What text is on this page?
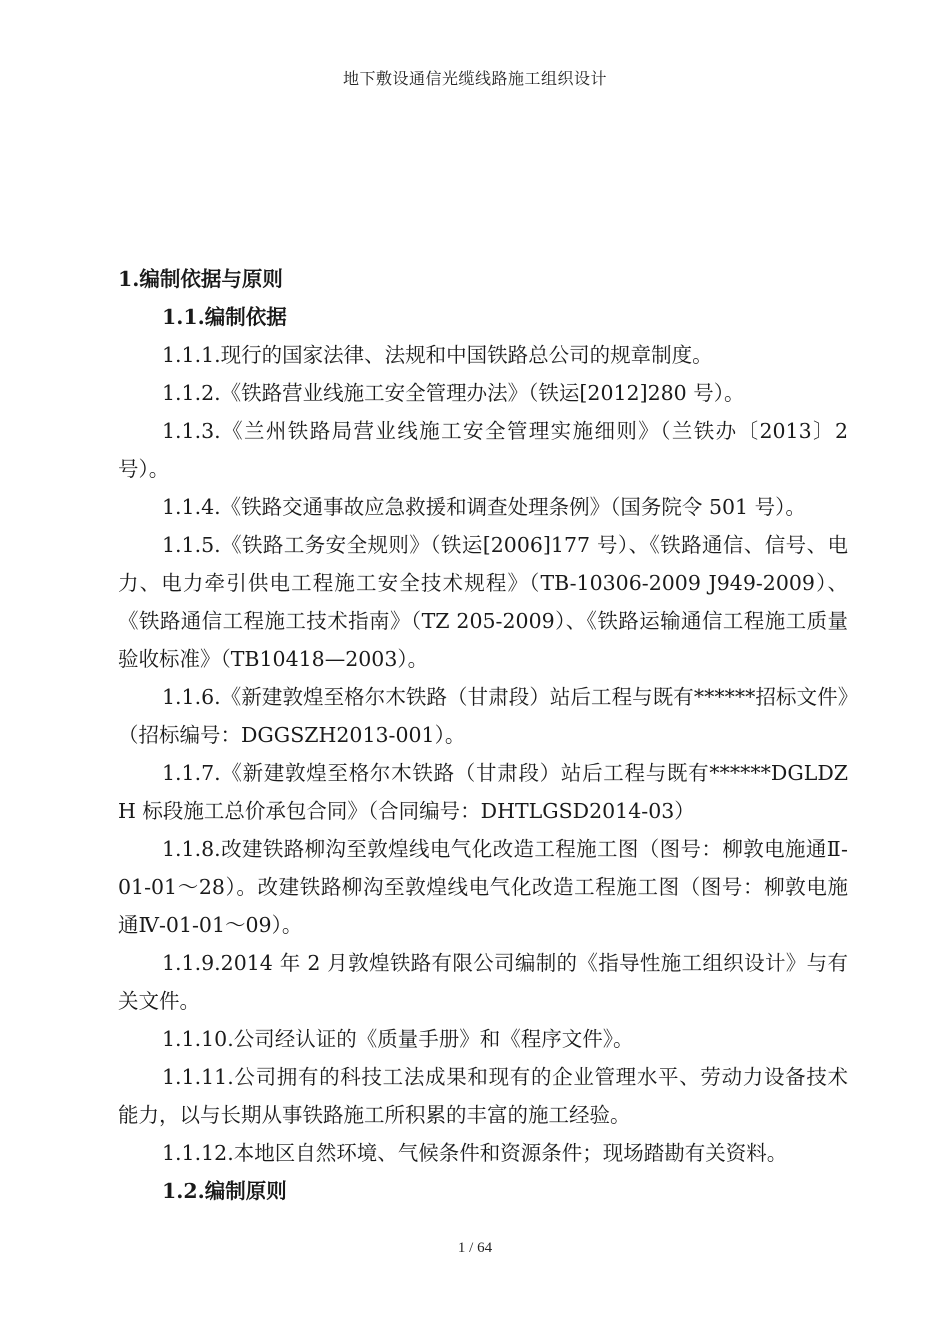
地下敷设通信光缆线路施工组织设计

1.编制依据与原则

1.1.编制依据

1.1.1.现行的国家法律、法规和中国铁路总公司的规章制度。

1.1.2.《铁路营业线施工安全管理办法》（铁运[2012]280 号）。

1.1.3.《兰州铁路局营业线施工安全管理实施细则》（兰铁办〔2013〕2 号）。

1.1.4.《铁路交通事故应急救援和调查处理条例》（国务院令 501 号）。

1.1.5.《铁路工务安全规则》（铁运[2006]177 号）、《铁路通信、信号、电力、电力牵引供电工程施工安全技术规程》（TB-10306-2009 J949-2009）、《铁路通信工程施工技术指南》（TZ 205-2009）、《铁路运输通信工程施工质量验收标准》（TB10418—2003）。

1.1.6.《新建敦煌至格尔木铁路（甘肃段）站后工程与既有******招标文件》（招标编号：DGGSZH2013-001）。

1.1.7.《新建敦煌至格尔木铁路（甘肃段）站后工程与既有******DGLDZH 标段施工总价承包合同》（合同编号：DHTLGSD2014-03）

1.1.8.改建铁路柳沟至敦煌线电气化改造工程施工图（图号：柳敦电施通Ⅱ-01-01～28）。改建铁路柳沟至敦煌线电气化改造工程施工图（图号：柳敦电施通Ⅳ-01-01～09）。

1.1.9.2014 年 2 月敦煌铁路有限公司编制的《指导性施工组织设计》与有关文件。

1.1.10.公司经认证的《质量手册》和《程序文件》。

1.1.11.公司拥有的科技工法成果和现有的企业管理水平、劳动力设备技术能力，以与长期从事铁路施工所积累的丰富的施工经验。

1.1.12.本地区自然环境、气候条件和资源条件；现场踏勘有关资料。

1.2.编制原则

1 / 64
